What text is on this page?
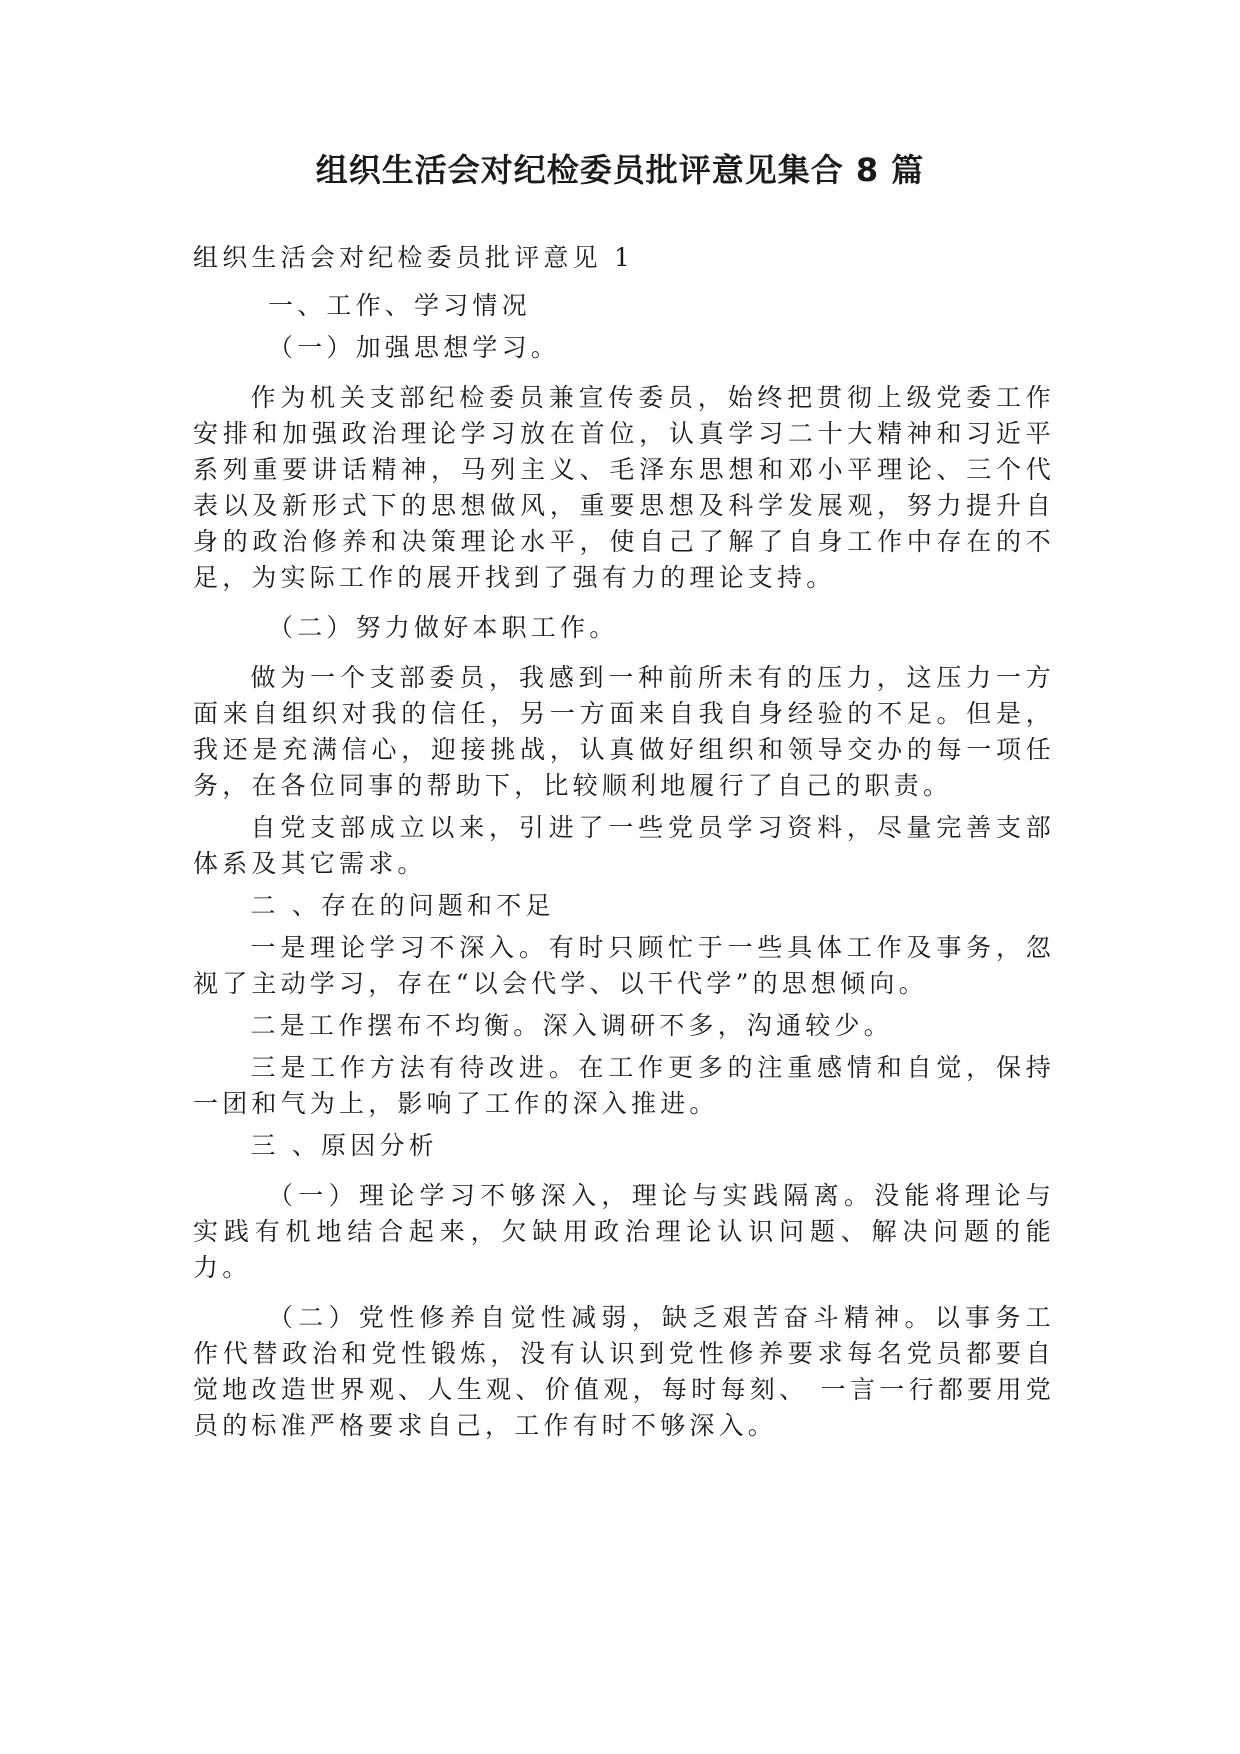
组织生活会对纪检委员批评意见集合 8 篇

组织生活会对纪检委员批评意见 1

一、工作、学习情况

（一）加强思想学习。

作为机关支部纪检委员兼宣传委员，始终把贯彻上级党委工作安排和加强政治理论学习放在首位，认真学习二十大精神和习近平系列重要讲话精神，马列主义、毛泽东思想和邓小平理论、三个代表以及新形式下的思想做风，重要思想及科学发展观，努力提升自身的政治修养和决策理论水平，使自己了解了自身工作中存在的不足，为实际工作的展开找到了强有力的理论支持。

（二）努力做好本职工作。

做为一个支部委员，我感到一种前所未有的压力，这压力一方面来自组织对我的信任，另一方面来自我自身经验的不足。但是，我还是充满信心，迎接挑战，认真做好组织和领导交办的每一项任务，在各位同事的帮助下，比较顺利地履行了自己的职责。

自党支部成立以来，引进了一些党员学习资料，尽量完善支部体系及其它需求。

二 、存在的问题和不足

一是理论学习不深入。有时只顾忙于一些具体工作及事务，忽视了主动学习，存在“以会代学、以干代学”的思想倾向。

二是工作摆布不均衡。深入调研不多，沟通较少。

三是工作方法有待改进。在工作更多的注重感情和自觉，保持一团和气为上，影响了工作的深入推进。

三 、原因分析

（一）理论学习不够深入，理论与实践隔离。没能将理论与实践有机地结合起来，欠缺用政治理论认识问题、解决问题的能力。

（二）党性修养自觉性减弱，缺乏艰苦奋斗精神。以事务工作代替政治和党性锻炼，没有认识到党性修养要求每名党员都要自觉地改造世界观、人生观、价值观，每时每刻、 一言一行都要用党员的标准严格要求自己，工作有时不够深入。
